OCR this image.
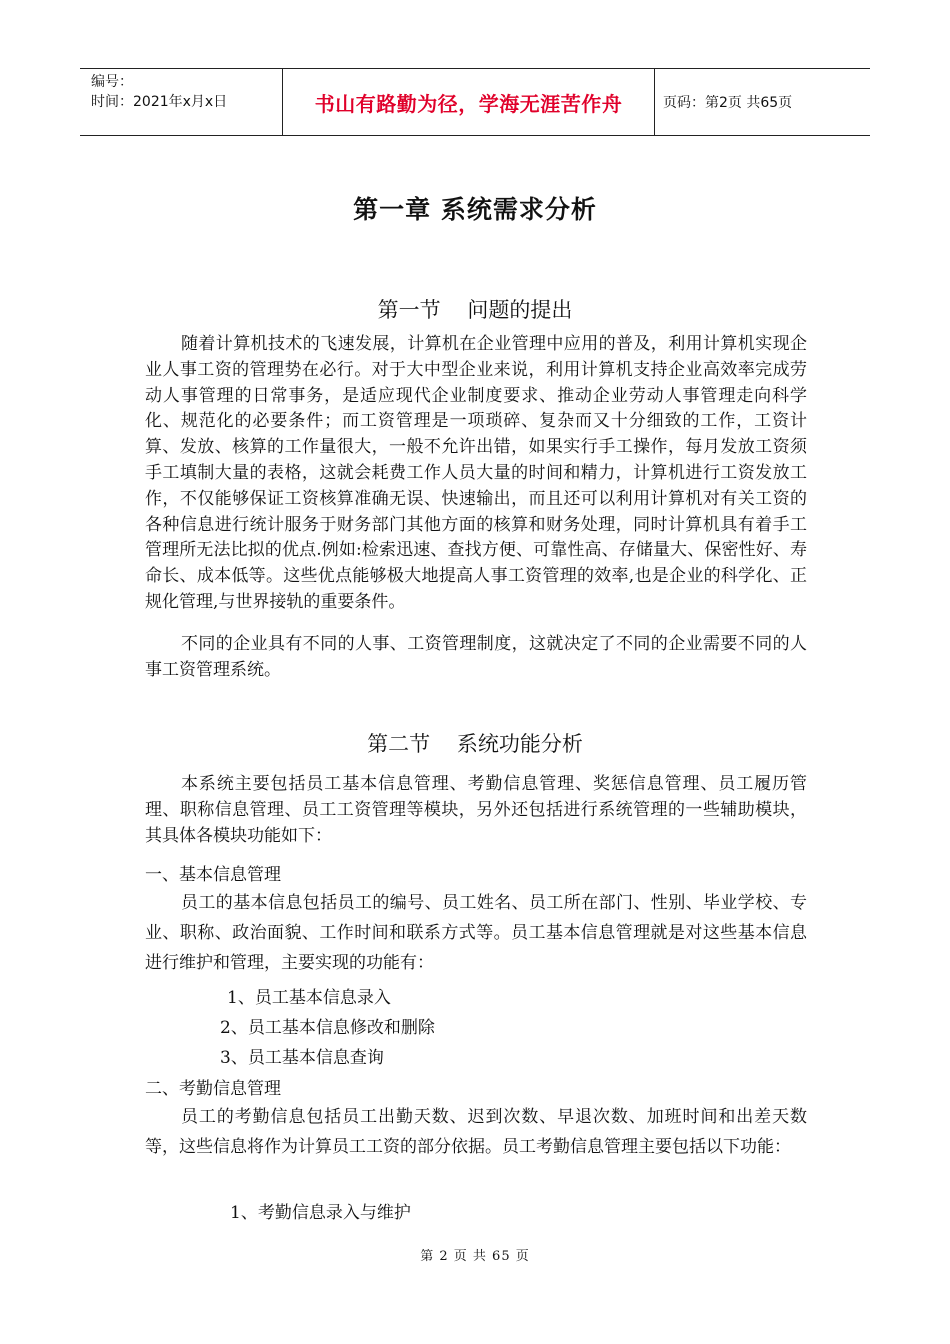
编号：
时间：2021年x月x日	书山有路勤为径，学海无涯苦作舟	页码：第2页 共65页
第一章 系统需求分析
第一节    问题的提出

随着计算机技术的飞速发展，计算机在企业管理中应用的普及，利用计算机实现企业人事工资的管理势在必行。对于大中型企业来说，利用计算机支持企业高效率完成劳动人事管理的日常事务，是适应现代企业制度要求、推动企业劳动人事管理走向科学化、规范化的必要条件；而工资管理是一项琐碎、复杂而又十分细致的工作，工资计算、发放、核算的工作量很大，一般不允许出错，如果实行手工操作，每月发放工资须手工填制大量的表格，这就会耗费工作人员大量的时间和精力，计算机进行工资发放工作，不仅能够保证工资核算准确无误、快速输出，而且还可以利用计算机对有关工资的各种信息进行统计服务于财务部门其他方面的核算和财务处理，同时计算机具有着手工管理所无法比拟的优点.例如:检索迅速、查找方便、可靠性高、存储量大、保密性好、寿命长、成本低等。这些优点能够极大地提高人事工资管理的效率,也是企业的科学化、正规化管理,与世界接轨的重要条件。

不同的企业具有不同的人事、工资管理制度，这就决定了不同的企业需要不同的人事工资管理系统。

第二节    系统功能分析

本系统主要包括员工基本信息管理、考勤信息管理、奖惩信息管理、员工履历管理、职称信息管理、员工工资管理等模块，另外还包括进行系统管理的一些辅助模块，其具体各模块功能如下：

一、基本信息管理

员工的基本信息包括员工的编号、员工姓名、员工所在部门、性别、毕业学校、专业、职称、政治面貌、工作时间和联系方式等。员工基本信息管理就是对这些基本信息进行维护和管理，主要实现的功能有：

1、员工基本信息录入

2、员工基本信息修改和删除

3、员工基本信息查询

二、考勤信息管理

员工的考勤信息包括员工出勤天数、迟到次数、早退次数、加班时间和出差天数等，这些信息将作为计算员工工资的部分依据。员工考勤信息管理主要包括以下功能：

1、考勤信息录入与维护

第 2 页 共 65 页
